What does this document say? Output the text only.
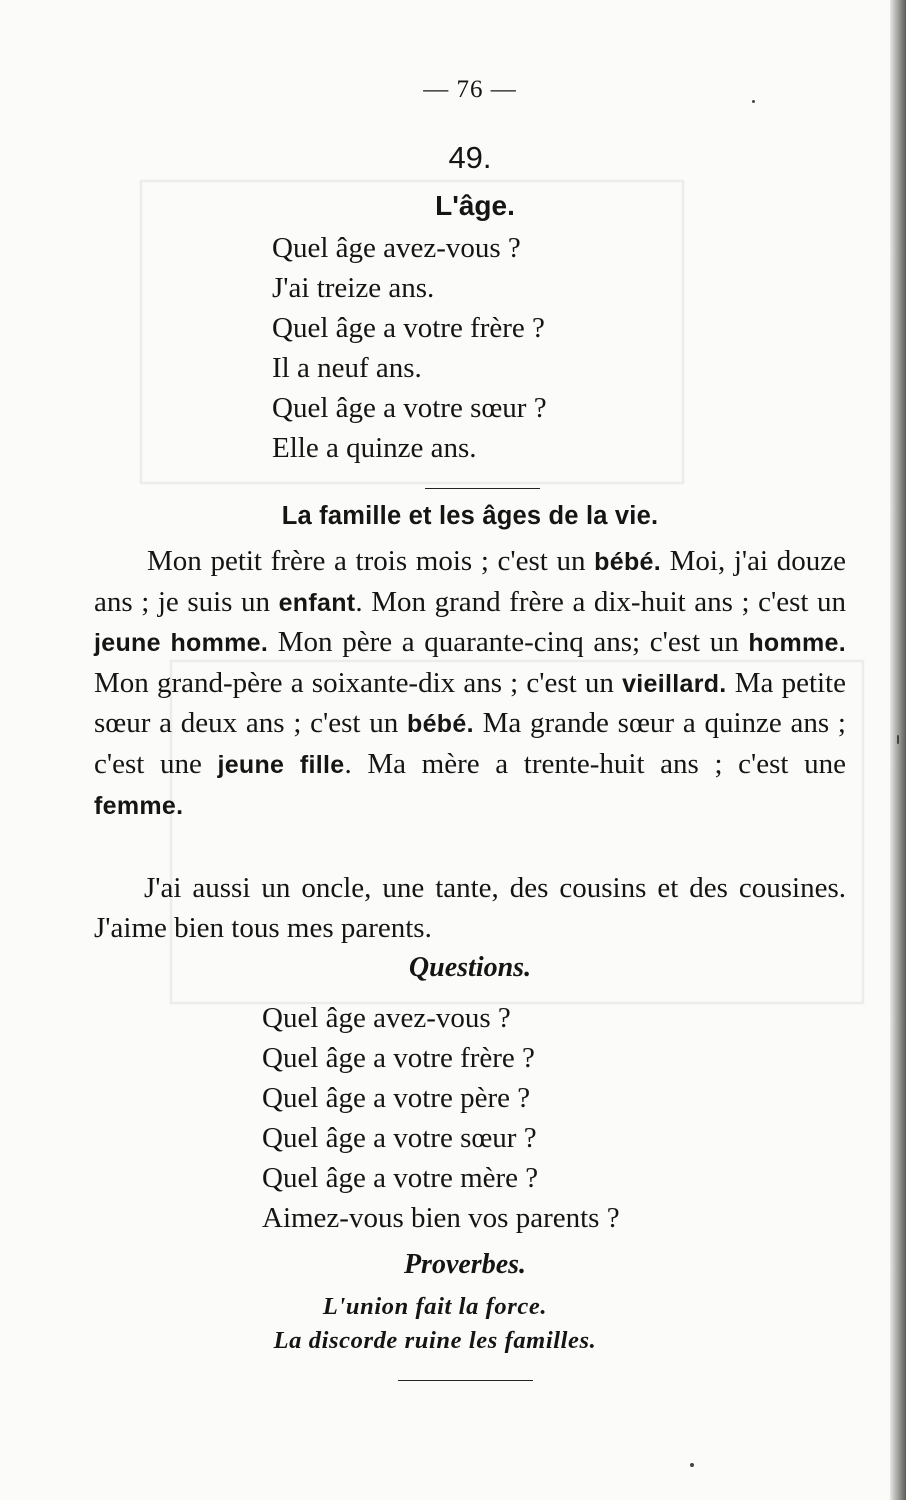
— 76 —
49.
L'âge.
Quel âge avez-vous ?
J'ai treize ans.
Quel âge a votre frère ?
Il a neuf ans.
Quel âge a votre sœur ?
Elle a quinze ans.
La famille et les âges de la vie.

Mon petit frère a trois mois ; c'est un bébé. Moi, j'ai douze ans ; je suis un enfant. Mon grand frère a dix-huit ans ; c'est un jeune homme. Mon père a quarante-cinq ans; c'est un homme. Mon grand-père a soixante-dix ans ; c'est un vieillard. Ma petite sœur a deux ans ; c'est un bébé. Ma grande sœur a quinze ans ; c'est une jeune fille. Ma mère a trente-huit ans ; c'est une femme.

J'ai aussi un oncle, une tante, des cousins et des cousines. J'aime bien tous mes parents.

Questions.
Quel âge avez-vous ?
Quel âge a votre frère ?
Quel âge a votre père ?
Quel âge a votre sœur ?
Quel âge a votre mère ?
Aimez-vous bien vos parents ?
Proverbes.
L'union fait la force.
La discorde ruine les familles.
